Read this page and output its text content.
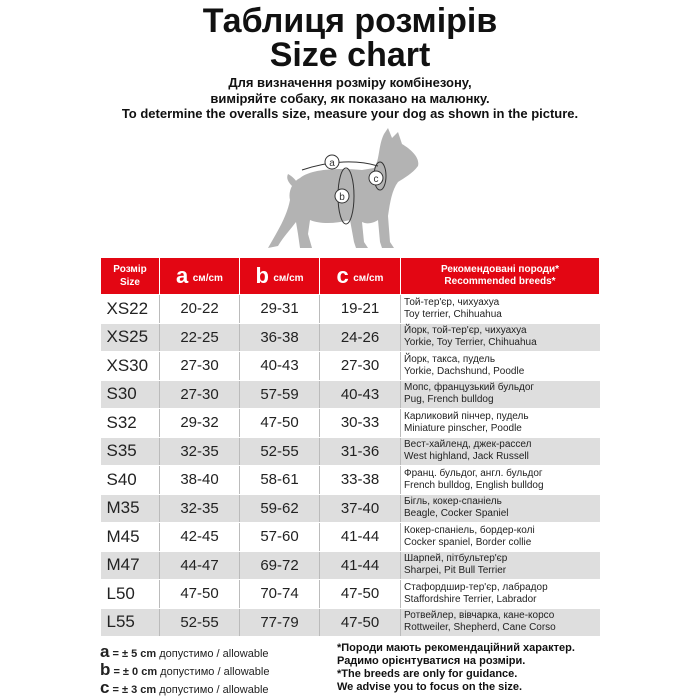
Таблиця розмірів
Size chart
Для визначення розміру комбінезону,
виміряйте собаку, як показано на малюнку.
To determine the overalls size, measure your dog as shown in the picture.
a
b
c
Розмір
Size	a см/cm	b см/cm	c см/cm	Рекомендовані породи*
Recommended breeds*
XS22	20-22	29-31	19-21	Той-тер'єр, чихуахуа
Toy terrier, Chihuahua

XS25	22-25	36-38	24-26	Йорк, той-тер'єр, чихуахуа
Yorkie, Toy Terrier, Chihuahua

XS30	27-30	40-43	27-30	Йорк, такса, пудель
Yorkie, Dachshund, Poodle

S30	27-30	57-59	40-43	Мопс, французький бульдог
Pug, French bulldog

S32	29-32	47-50	30-33	Карликовий пінчер, пудель
Miniature pinscher, Poodle

S35	32-35	52-55	31-36	Вест-хайленд, джек-рассел
West highland, Jack Russell

S40	38-40	58-61	33-38	Франц. бульдог, англ. бульдог
French bulldog, English bulldog

M35	32-35	59-62	37-40	Бігль, кокер-спаніель
Beagle, Cocker Spaniel

M45	42-45	57-60	41-44	Кокер-спаніель, бордер-колі
Cocker spaniel, Border collie

M47	44-47	69-72	41-44	Шарпей, пітбультер'єр
Sharpei, Pit Bull Terrier

L50	47-50	70-74	47-50	Стафордшир-тер'єр, лабрадор
Staffordshire Terrier, Labrador

L55	52-55	77-79	47-50	Ротвейлер, вівчарка, кане-корсо
Rottweiler, Shepherd, Cane Corso
a = ± 5 cm допустимо / allowable
b = ± 0 cm допустимо / allowable
c = ± 3 cm допустимо / allowable
*Породи мають рекомендаційний характер.
Радимо орієнтуватися на розміри.
*The breeds are only for guidance.
We advise you to focus on the size.
